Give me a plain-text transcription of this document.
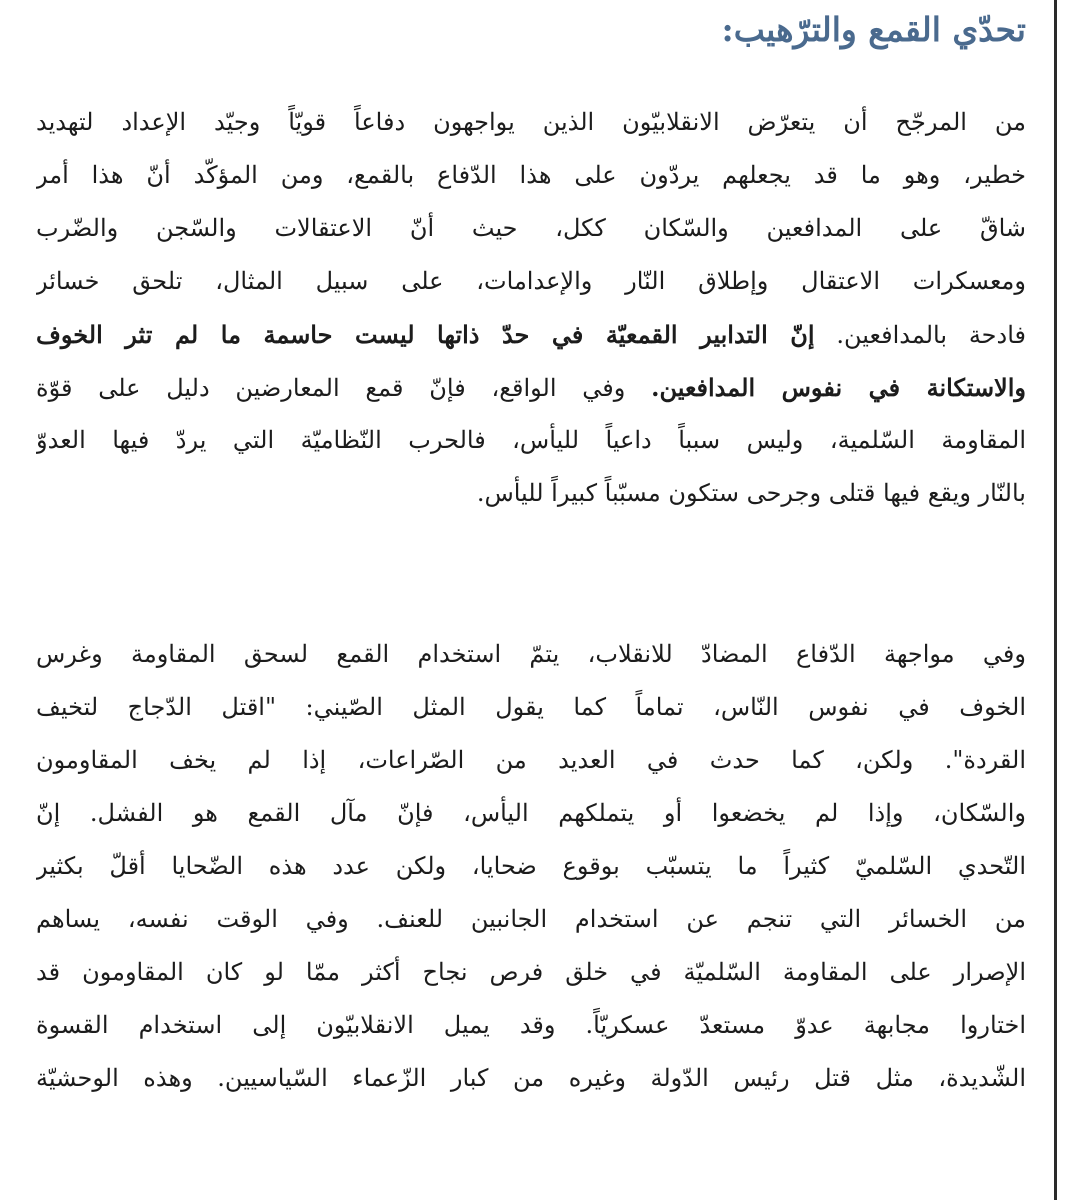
تحدّي القمع والترّهيب:
من المرجّح أن يتعرّض الانقلابيّون الذين يواجهون دفاعاً قويّاً وجيّد الإعداد لتهديد
خطير، وهو ما قد يجعلهم يردّون على هذا الدّفاع بالقمع، ومن المؤكّد أنّ هذا أمر
شاقّ على المدافعين والسّكان ككل، حيث أنّ الاعتقالات والسّجن والضّرب
ومعسكرات الاعتقال وإطلاق النّار والإعدامات، على سبيل المثال، تلحق خسائر
فادحة بالمدافعين. إنّ التدابير القمعيّة في حدّ ذاتها ليست حاسمة ما لم تثر الخوف
والاستكانة في نفوس المدافعين. وفي الواقع، فإنّ قمع المعارضين دليل على قوّة
المقاومة السّلمية، وليس سبباً داعياً لليأس، فالحرب النّظاميّة التي يردّ فيها العدوّ
بالنّار ويقع فيها قتلى وجرحى ستكون مسبّباً كبيراً لليأس.
وفي مواجهة الدّفاع المضادّ للانقلاب، يتمّ استخدام القمع لسحق المقاومة وغرس
الخوف في نفوس النّاس، تماماً كما يقول المثل الصّيني: "اقتل الدّجاج لتخيف
القردة". ولكن، كما حدث في العديد من الصّراعات، إذا لم يخف المقاومون
والسّكان، وإذا لم يخضعوا أو يتملكهم اليأس، فإنّ مآل القمع هو الفشل. إنّ
التّحدي السّلميّ كثيراً ما يتسبّب بوقوع ضحايا، ولكن عدد هذه الضّحايا أقلّ بكثير
من الخسائر التي تنجم عن استخدام الجانبين للعنف. وفي الوقت نفسه، يساهم
الإصرار على المقاومة السّلميّة في خلق فرص نجاح أكثر ممّا لو كان المقاومون قد
اختاروا مجابهة عدوّ مستعدّ عسكريّاً. وقد يميل الانقلابيّون إلى استخدام القسوة
الشّديدة، مثل قتل رئيس الدّولة وغيره من كبار الزّعماء السّياسيين. وهذه الوحشيّة
